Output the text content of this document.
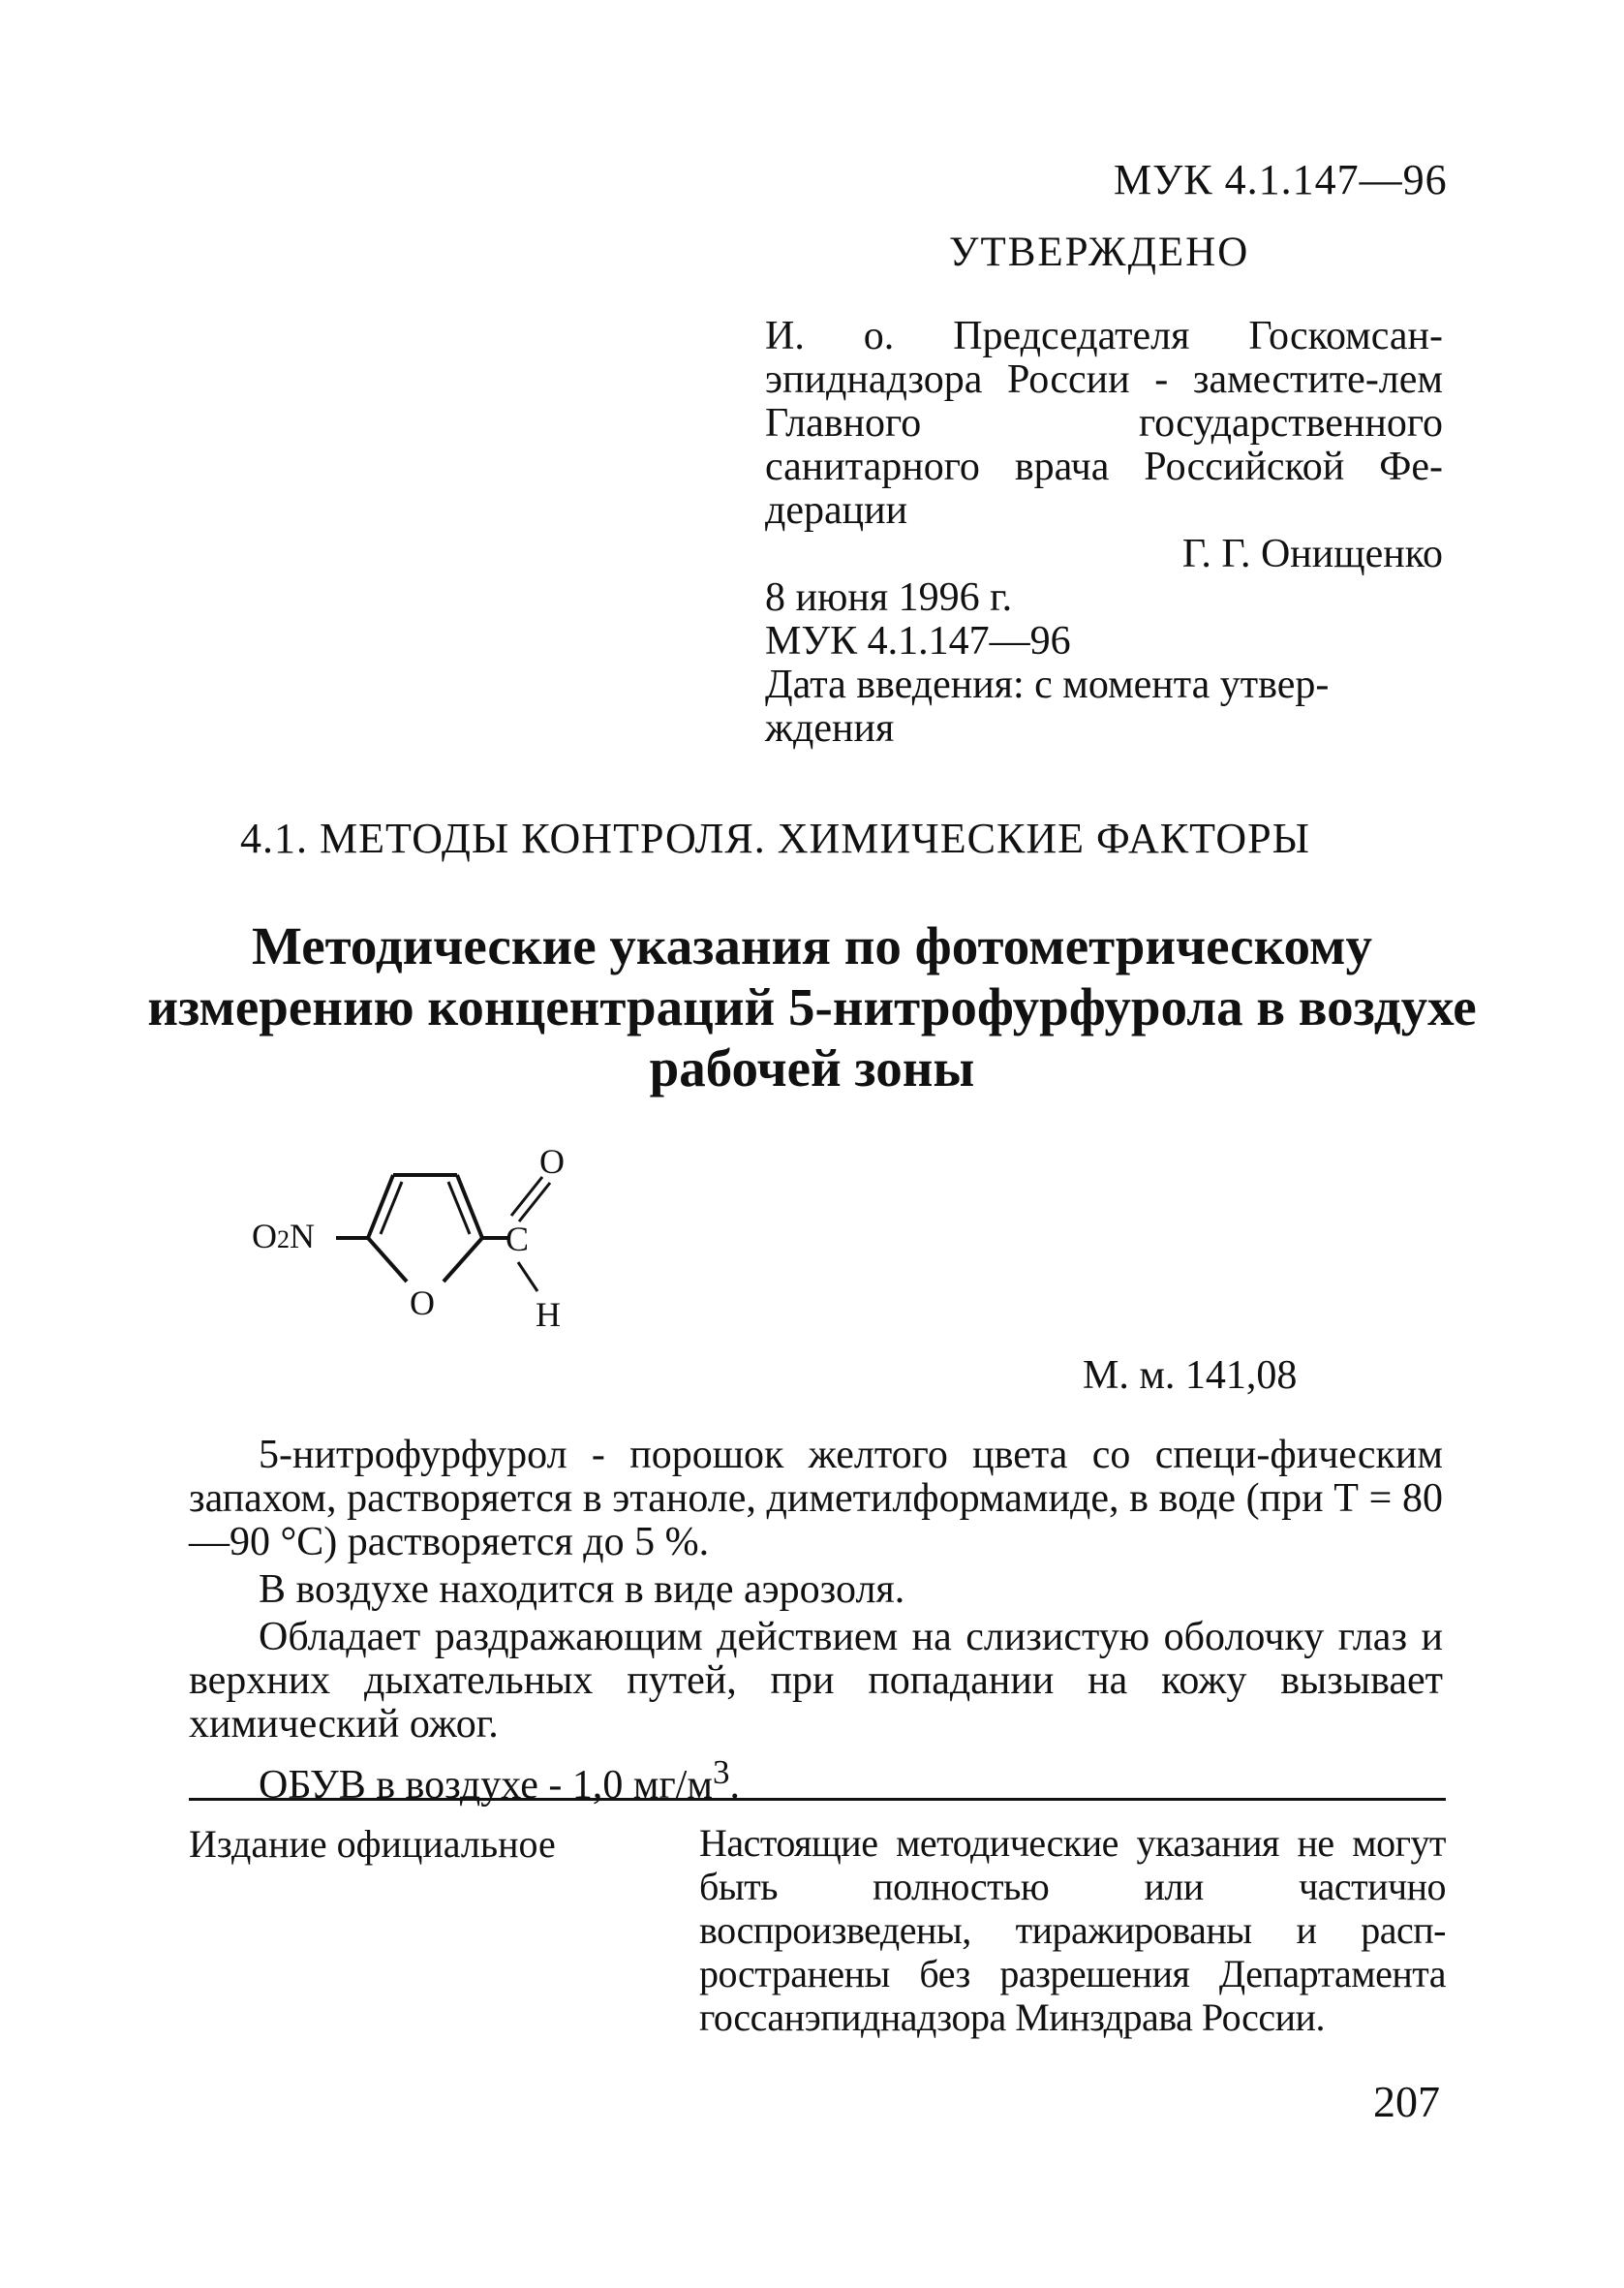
МУК 4.1.147—96
УТВЕРЖДЕНО
И. о. Председателя Госкомсан-эпиднадзора России - заместите-лем Главного государственного санитарного врача Российской Фе-дерации
Г. Г. Онищенко
8 июня 1996 г.
МУК 4.1.147—96
Дата введения: с момента утвер-ждения
4.1. МЕТОДЫ КОНТРОЛЯ. ХИМИЧЕСКИЕ ФАКТОРЫ
Методические указания по фотометрическому измерению концентраций 5-нитрофурфурола в воздухе рабочей зоны
O2N
O
C
O
H
М. м. 141,08

5-нитрофурфурол - порошок желтого цвета со специ-фическим запахом, растворяется в этаноле, диметилформамиде, в воде (при Т = 80—90 °С) растворяется до 5 %.

В воздухе находится в виде аэрозоля.

Обладает раздражающим действием на слизистую оболочку глаз и верхних дыхательных путей, при попадании на кожу вызывает химический ожог.

ОБУВ в воздухе - 1,0 $мг/м^3$.

Издание официальное	Настоящие методические указания не могут быть полностью или частично воспроизведены, тиражированы и расп-ространены без разрешения Департамента госсанэпиднадзора Минздрава России.
207
